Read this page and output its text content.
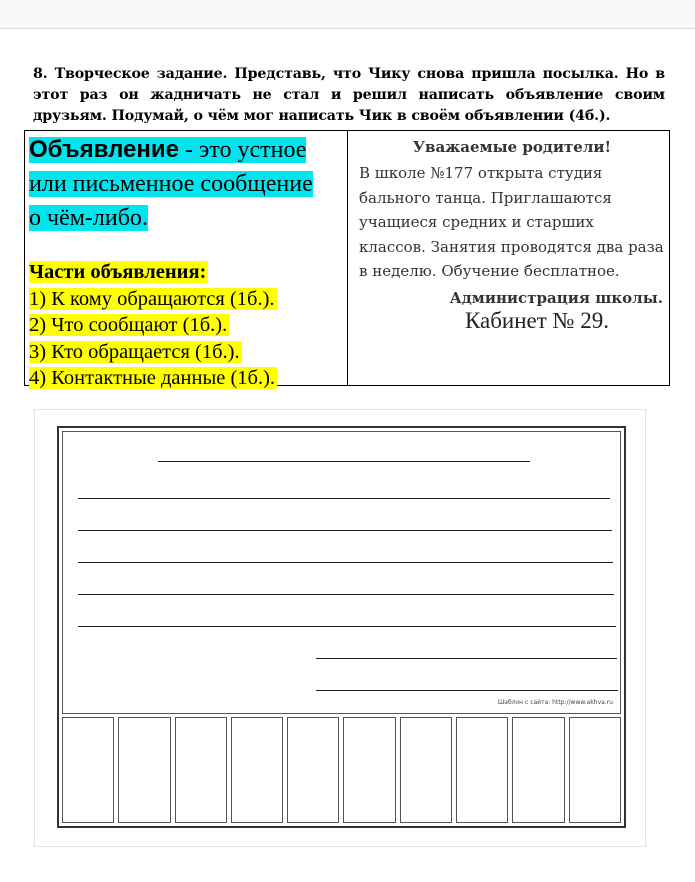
8. Творческое задание. Представь, что Чику снова пришла посылка. Но в этот раз он жадничать не стал и решил написать объявление своим друзьям. Подумай, о чём мог написать Чик в своём объявлении (4б.).
Объявление - это устное или письменное сообщение о чём-либо.
Части объявления:
1) К кому обращаются (1б.).
2) Что сообщают (1б.).
3) Кто обращается (1б.).
4) Контактные данные (1б.).
Уважаемые родители!
В школе №177 открыта студия бального танца. Приглашаются учащиеся средних и старших классов. Занятия проводятся два раза в неделю. Обучение бесплатное.
Администрация школы.
Кабинет № 29.
Шаблон с сайта: http://www.akhva.ru
